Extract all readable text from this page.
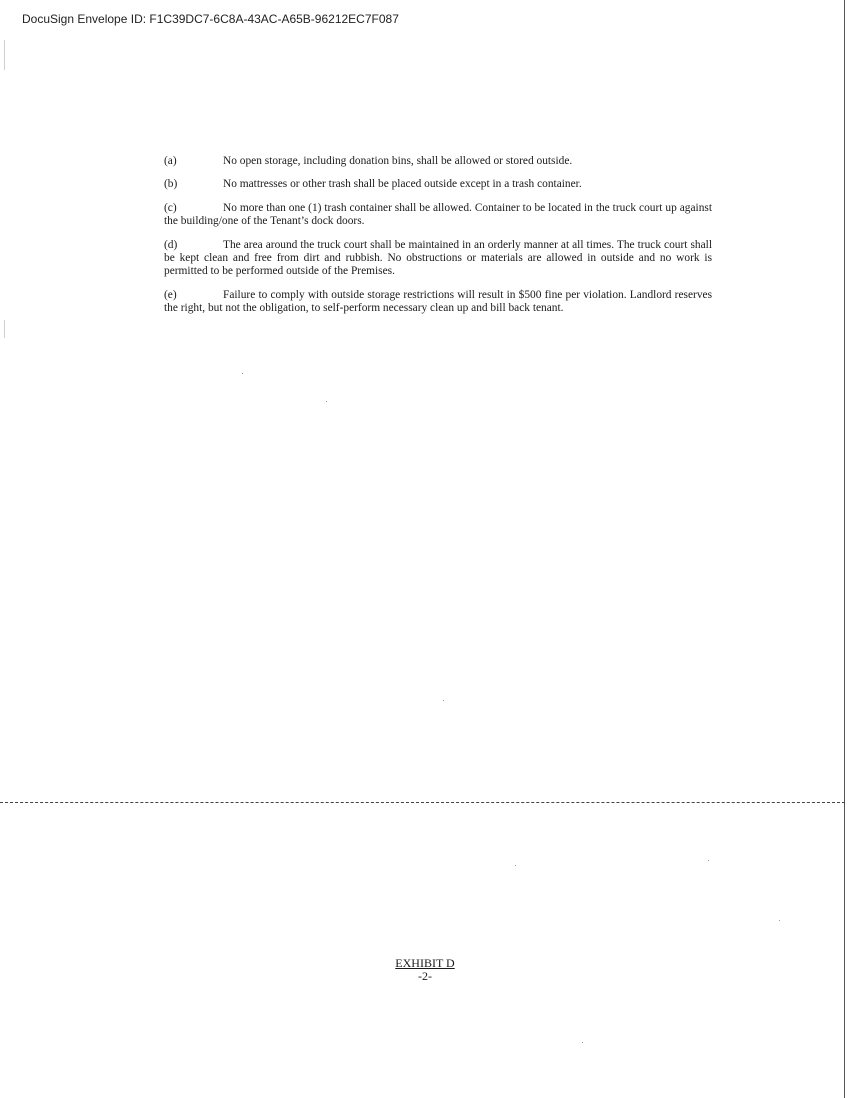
DocuSign Envelope ID: F1C39DC7-6C8A-43AC-A65B-96212EC7F087

(a)	No open storage, including donation bins, shall be allowed or stored outside.

(b)	No mattresses or other trash shall be placed outside except in a trash container.

(c)	No more than one (1) trash container shall be allowed. Container to be located in the truck court up against the building/one of the Tenant’s dock doors.

(d)	The area around the truck court shall be maintained in an orderly manner at all times. The truck court shall be kept clean and free from dirt and rubbish. No obstructions or materials are allowed in outside and no work is permitted to be performed outside of the Premises.

(e)	Failure to comply with outside storage restrictions will result in $500 fine per violation. Landlord reserves the right, but not the obligation, to self-perform necessary clean up and bill back tenant.

EXHIBIT D
-2-
